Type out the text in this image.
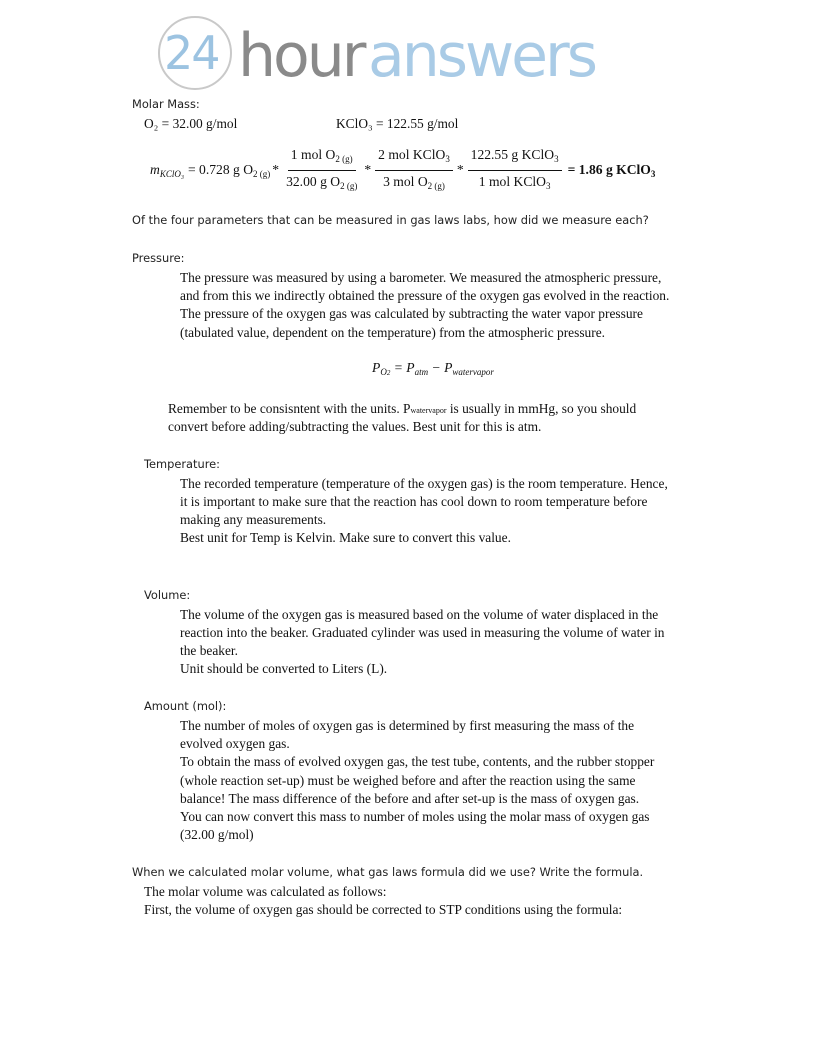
24 hour answers
Molar Mass:
O₂ = 32.00 g/mol	KClO₃ = 122.55 g/mol
$m_{KClO_3} = 0.728$ g $O_{2 (g)} * \frac{1 mol O_{2 (g)}}{32.00 g O_{2 (g)}} * \frac{2 mol KClO_3}{3 mol O_{2 (g)}} * \frac{122.55 g KClO_3}{1 mol KClO_3} = 1.86$ g KClO$_3$
Of the four parameters that can be measured in gas laws labs, how did we measure each?
Pressure:
The pressure was measured by using a barometer. We measured the atmospheric pressure,
and from this we indirectly obtained the pressure of the oxygen gas evolved in the reaction.
The pressure of the oxygen gas was calculated by subtracting the water vapor pressure
(tabulated value, dependent on the temperature) from the atmospheric pressure.
$P_{O2} = P_{atm} - P_{watervapor}$
Remember to be consisntent with the units. Pwatervapor is usually in mmHg, so you should
convert before adding/subtracting the values. Best unit for this is atm.
Temperature:
The recorded temperature (temperature of the oxygen gas) is the room temperature. Hence,
it is important to make sure that the reaction has cool down to room temperature before
making any measurements.
Best unit for Temp is Kelvin. Make sure to convert this value.
Volume:
The volume of the oxygen gas is measured based on the volume of water displaced in the
reaction into the beaker. Graduated cylinder was used in measuring the volume of water in
the beaker.
Unit should be converted to Liters (L).
Amount (mol):
The number of moles of oxygen gas is determined by first measuring the mass of the
evolved oxygen gas.
To obtain the mass of evolved oxygen gas, the test tube, contents, and the rubber stopper
(whole reaction set-up) must be weighed before and after the reaction using the same
balance! The mass difference of the before and after set-up is the mass of oxygen gas.
You can now convert this mass to number of moles using the molar mass of oxygen gas
(32.00 g/mol)
When we calculated molar volume, what gas laws formula did we use? Write the formula.
The molar volume was calculated as follows:
First, the volume of oxygen gas should be corrected to STP conditions using the formula:
